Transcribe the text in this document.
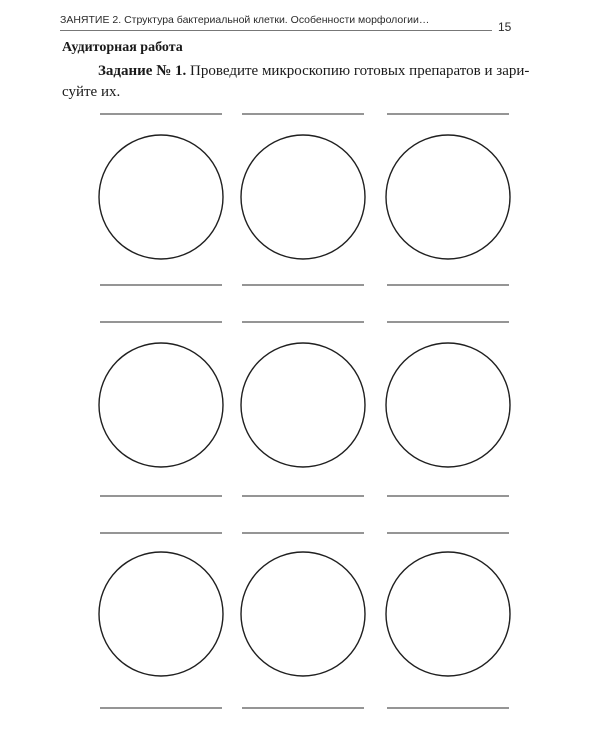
ЗАНЯТИЕ 2. Структура бактериальной клетки. Особенности морфологии…	15
Аудиторная работа
Задание № 1. Проведите микроскопию готовых препаратов и зари-
суйте их.
